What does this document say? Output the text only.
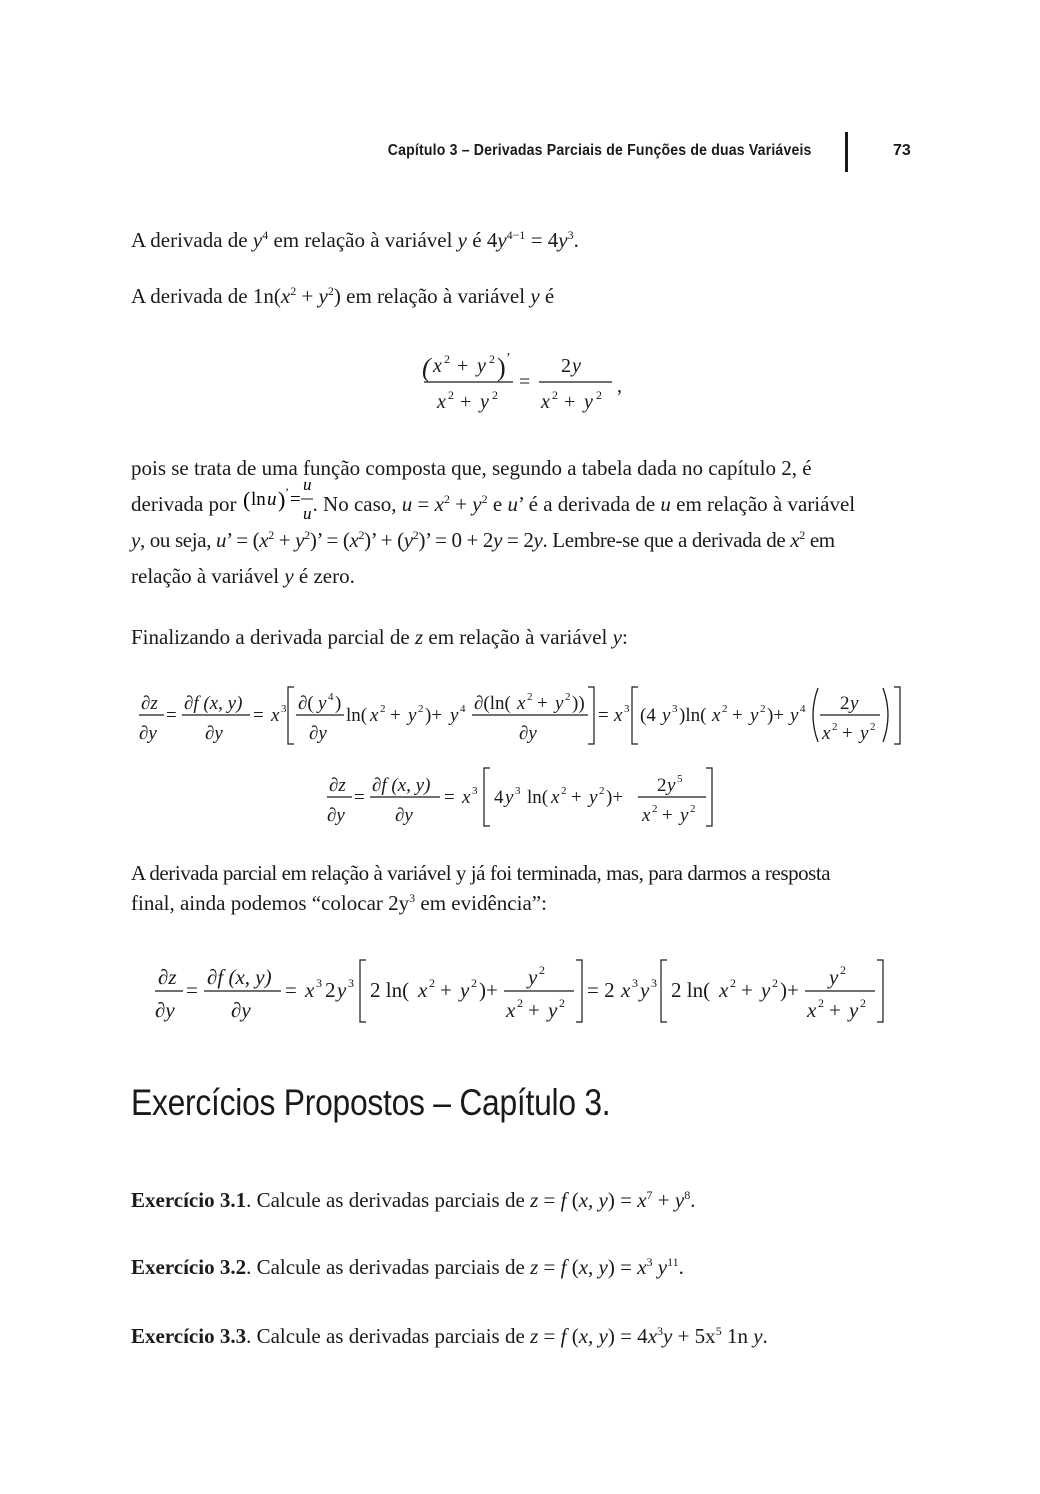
Capítulo 3 – Derivadas Parciais de Funções de duas Variáveis	73
A derivada de $y^4$ em relação à variável y é $4y^{4-1} = 4y^3$.
A derivada de $1n(x^2 + y^2)$ em relação à variável y é
( x 2 + y 2 ) ’
x 2 + y 2
=
2 y
x 2 + y 2 ,
pois se trata de uma função composta que, segundo a tabela dada no capítulo 2, é
derivada por ( ln u ) ’ =
u
u . No caso, $u = x^2 + y^2$ e u’ é a derivada de u em relação à variável
y, ou seja, u’ = $(x^2 + y^2)$’ = $(x^2)$’ + $(y^2)$’ = 0 + 2y = 2y. Lembre-se que a derivada de $x^2$ em
relação à variável y é zero.
Finalizando a derivada parcial de z em relação à variável y:
∂z
∂y
=
∂f (x, y)
∂y
= x 3 ∂( y 4 )
∂y
ln( x 2 + y 2 )+ y 4 ∂(ln( x 2 + y 2 ))
∂y
= x 3 (4 y 3 )ln( x 2 + y 2 )+ y 4 2 y
x 2 + y 2
∂z
∂y
=
∂f (x, y)
∂y
= x 3 4 y 3 ln( x 2 + y 2 )+
2 y 5
x 2 + y 2
A derivada parcial em relação à variável y já foi terminada, mas, para darmos a resposta
final, ainda podemos “colocar $2y^3$ em evidência”:
∂z
∂y
=
∂f (x, y)
∂y
= x 3 2 y 3 2 ln( x 2 + y 2 )+
y 2
x 2 + y 2
= 2 x 3 y 3 2 ln( x 2 + y 2 )+
y 2
x 2 + y 2
Exercícios Propostos – Capítulo 3.
Exercício 3.1. Calcule as derivadas parciais de z = f (x, $y) = x^7 + y^8$.
Exercício 3.2. Calcule as derivadas parciais de z = f (x, $y) = x^3$ $y^{11}$.
Exercício 3.3. Calcule as derivadas parciais de z = f (x, $y) = 4x^3y + 5x^5$ 1n y.
